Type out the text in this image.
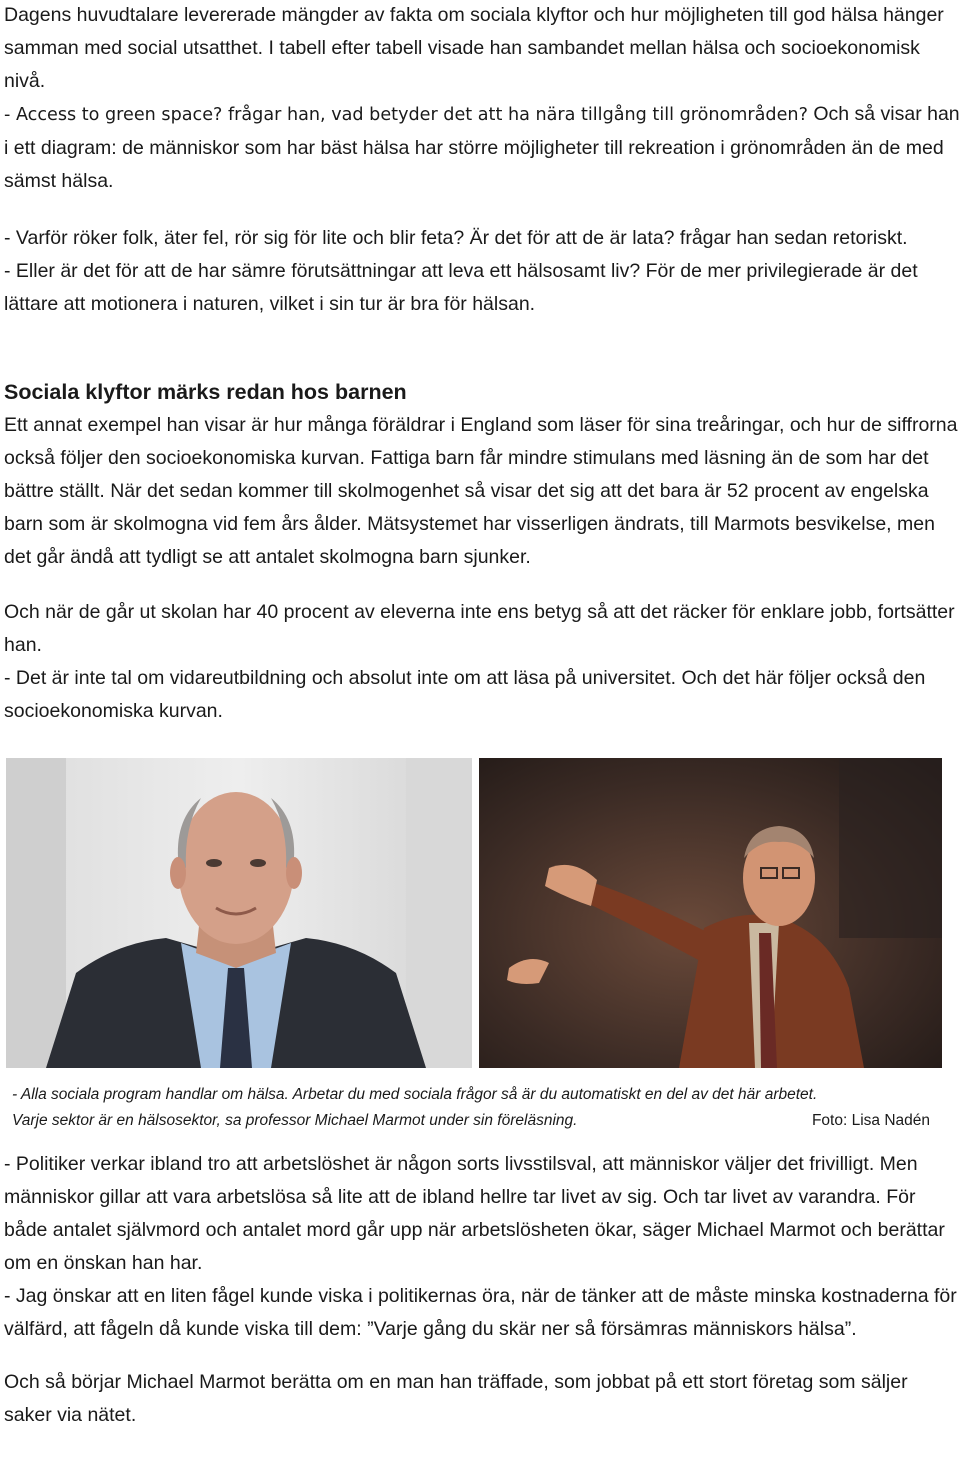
Dagens huvudtalare levererade mängder av fakta om sociala klyftor och hur möjligheten till god hälsa hänger samman med social utsatthet. I tabell efter tabell visade han sambandet mellan hälsa och socioekonomisk nivå.

- Access to green space? frågar han, vad betyder det att ha nära tillgång till grönområden? Och så visar han i ett diagram: de människor som har bäst hälsa har större möjligheter till rekreation i grönområden än de med sämst hälsa.

- Varför röker folk, äter fel, rör sig för lite och blir feta? Är det för att de är lata? frågar han sedan retoriskt.

- Eller är det för att de har sämre förutsättningar att leva ett hälsosamt liv? För de mer privilegierade är det lättare att motionera i naturen, vilket i sin tur är bra för hälsan.

Sociala klyftor märks redan hos barnen

Ett annat exempel han visar är hur många föräldrar i England som läser för sina treåringar, och hur de siffrorna också följer den socioekonomiska kurvan. Fattiga barn får mindre stimulans med läsning än de som har det bättre ställt. När det sedan kommer till skolmogenhet så visar det sig att det bara är 52 procent av engelska barn som är skolmogna vid fem års ålder. Mätsystemet har visserligen ändrats, till Marmots besvikelse, men det går ändå att tydligt se att antalet skolmogna barn sjunker.

Och när de går ut skolan har 40 procent av eleverna inte ens betyg så att det räcker för enklare jobb, fortsätter han.

- Det är inte tal om vidareutbildning och absolut inte om att läsa på universitet. Och det här följer också den socioekonomiska kurvan.

- Alla sociala program handlar om hälsa. Arbetar du med sociala frågor så är du automatiskt en del av det här arbetet.

Varje sektor är en hälsosektor, sa professor Michael Marmot under sin föreläsning.	Foto: Lisa Nadén

- Politiker verkar ibland tro att arbetslöshet är någon sorts livsstilsval, att människor väljer det frivilligt. Men människor gillar att vara arbetslösa så lite att de ibland hellre tar livet av sig. Och tar livet av varandra. För både antalet självmord och antalet mord går upp när arbetslösheten ökar, säger Michael Marmot och berättar om en önskan han har.

- Jag önskar att en liten fågel kunde viska i politikernas öra, när de tänker att de måste minska kostnaderna för välfärd, att fågeln då kunde viska till dem: ”Varje gång du skär ner så försämras människors hälsa”.

Och så börjar Michael Marmot berätta om en man han träffade, som jobbat på ett stort företag som säljer saker via nätet.
